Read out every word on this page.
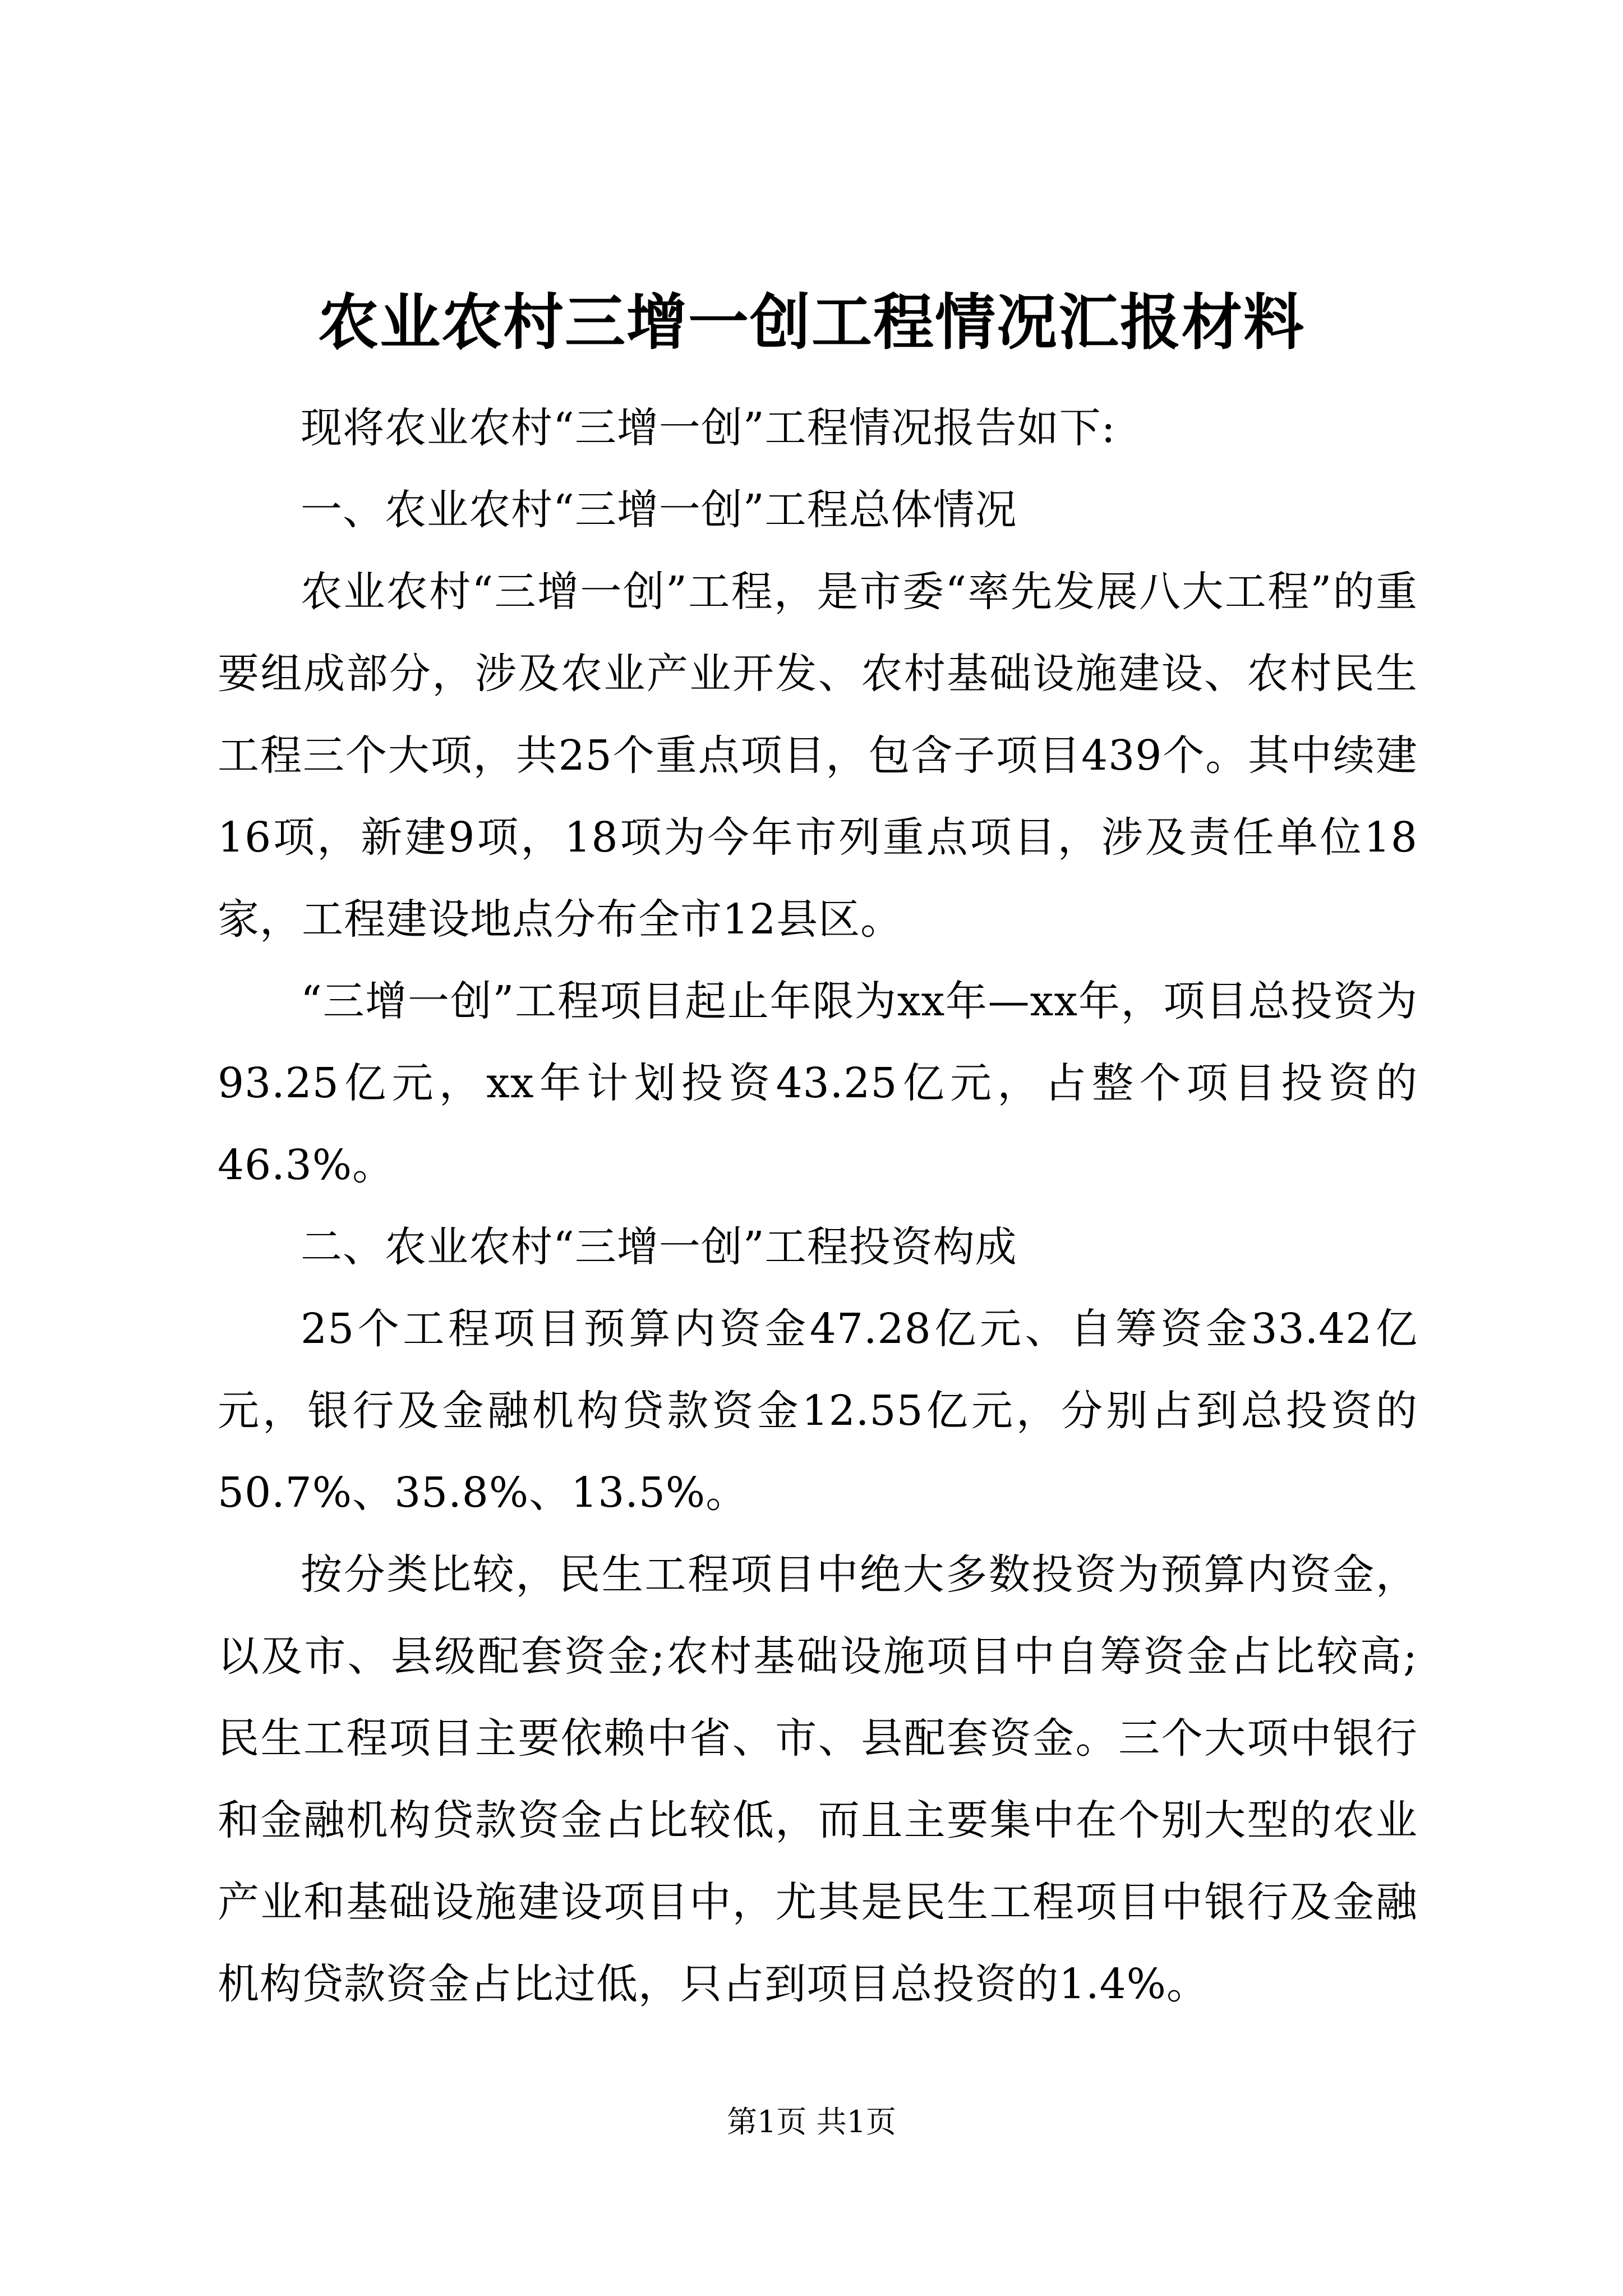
农业农村三增一创工程情况汇报材料

现将农业农村“三增一创”工程情况报告如下:

一、农业农村“三增一创”工程总体情况

农业农村“三增一创”工程，是市委“率先发展八大工程”的重要组成部分，涉及农业产业开发、农村基础设施建设、农村民生工程三个大项，共25个重点项目，包含子项目439个。其中续建16项，新建9项，18项为今年市列重点项目，涉及责任单位18家，工程建设地点分布全市12县区。

“三增一创”工程项目起止年限为xx年—xx年，项目总投资为93.25亿元，xx年计划投资43.25亿元，占整个项目投资的46.3%。

二、农业农村“三增一创”工程投资构成

25个工程项目预算内资金47.28亿元、自筹资金33.42亿元，银行及金融机构贷款资金12.55亿元，分别占到总投资的50.7%、35.8%、13.5%。

按分类比较，民生工程项目中绝大多数投资为预算内资金，以及市、县级配套资金;农村基础设施项目中自筹资金占比较高;民生工程项目主要依赖中省、市、县配套资金。三个大项中银行和金融机构贷款资金占比较低，而且主要集中在个别大型的农业产业和基础设施建设项目中，尤其是民生工程项目中银行及金融机构贷款资金占比过低，只占到项目总投资的1.4%。

第1页 共1页
